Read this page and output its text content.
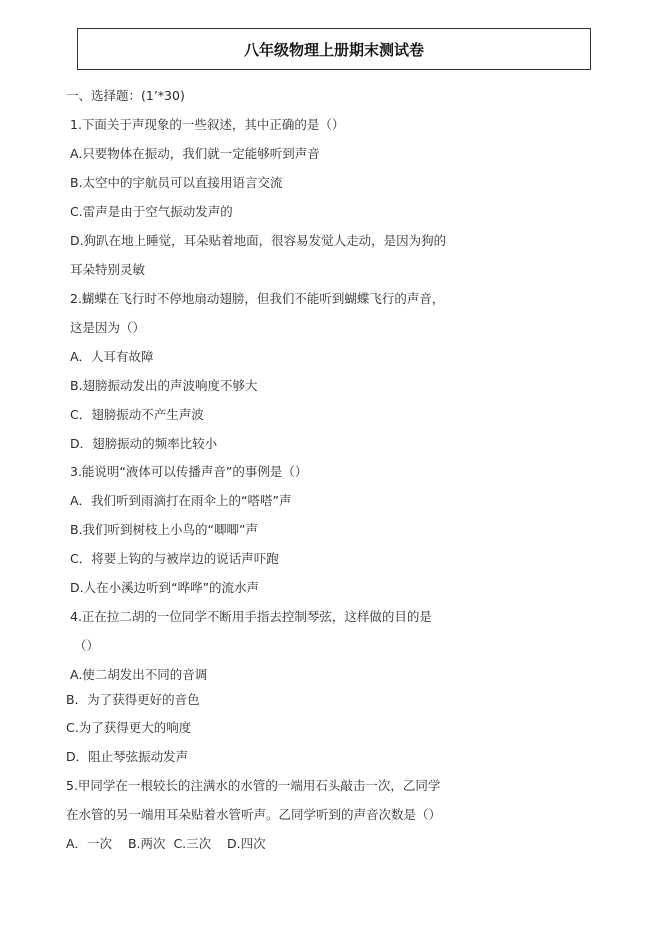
八年级物理上册期末测试卷
一、选择题：(1’*30)
1.下面关于声现象的一些叙述，其中正确的是（）
A.只要物体在振动，我们就一定能够听到声音
B.太空中的宇航员可以直接用语言交流
C.雷声是由于空气振动发声的
D.狗趴在地上睡觉，耳朵贴着地面，很容易发觉人走动，是因为狗的
耳朵特别灵敏
2.蝴蝶在飞行时不停地扇动翅膀，但我们不能听到蝴蝶飞行的声音，
这是因为（）
A．人耳有故障
B.翅膀振动发出的声波响度不够大
C．翅膀振动不产生声波
D．翅膀振动的频率比较小
3.能说明“液体可以传播声音”的事例是（）
A．我们听到雨滴打在雨伞上的“嗒嗒”声
B.我们听到树枝上小鸟的“唧唧”声
C．将要上钩的与被岸边的说话声吓跑
D.人在小溪边听到“哗哗”的流水声
4.正在拉二胡的一位同学不断用手指去控制琴弦，这样做的目的是
（）
A.使二胡发出不同的音调
B．为了获得更好的音色
C.为了获得更大的响度
D．阻止琴弦振动发声
5.甲同学在一根较长的注满水的水管的一端用石头敲击一次，乙同学
在水管的另一端用耳朵贴着水管听声。乙同学听到的声音次数是（）
A．一次    B.两次  C.三次    D.四次
